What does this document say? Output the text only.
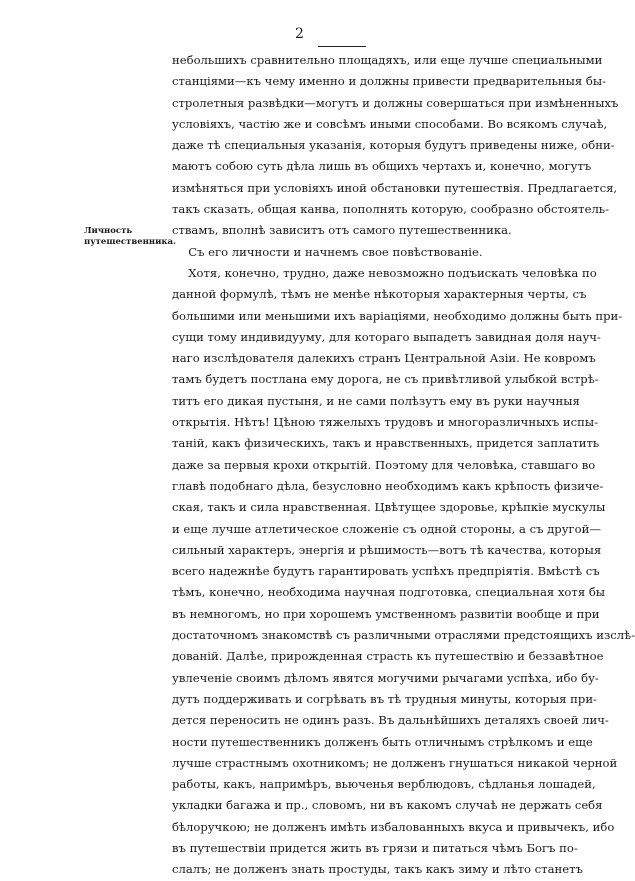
2
Личность путешественника.
небольшихъ сравнительно площадяхъ, или еще лучше специальными
станціями—къ чему именно и должны привести предварительныя бы-
стролетныя развѣдки—могутъ и должны совершаться при измѣненныхъ
условіяхъ, частію же и совсѣмъ иными способами. Во всякомъ случаѣ,
даже тѣ специальныя указанія, которыя будутъ приведены ниже, обни-
маютъ собою суть дѣла лишь въ общихъ чертахъ и, конечно, могутъ
измѣняться при условіяхъ иной обстановки путешествія. Предлагается,
такъ сказать, общая канва, пополнять которую, сообразно обстоятель-
ствамъ, вполнѣ зависитъ отъ самого путешественника.
Съ его личности и начнемъ свое повѣствованіе.
Хотя, конечно, трудно, даже невозможно подъискать человѣка по
данной формулѣ, тѣмъ не менѣе нѣкоторыя характерныя черты, съ
большими или меньшими ихъ варіаціями, необходимо должны быть при-
сущи тому индивидууму, для котораго выпадетъ завидная доля науч-
наго изслѣдователя далекихъ странъ Центральной Азіи. Не ковромъ
тамъ будетъ постлана ему дорога, не съ привѣтливой улыбкой встрѣ-
титъ его дикая пустыня, и не сами полѣзутъ ему въ руки научныя
открытія. Нѣтъ! Цѣною тяжелыхъ трудовъ и многоразличныхъ испы-
таній, какъ физическихъ, такъ и нравственныхъ, придется заплатить
даже за первыя крохи открытій. Поэтому для человѣка, ставшаго во
главѣ подобнаго дѣла, безусловно необходимъ какъ крѣпость физиче-
ская, такъ и сила нравственная. Цвѣтущее здоровье, крѣпкіе мускулы
и еще лучше атлетическое сложеніе съ одной стороны, а съ другой—
сильный характеръ, энергія и рѣшимость—вотъ тѣ качества, которыя
всего надежнѣе будутъ гарантировать успѣхъ предпріятія. Вмѣстѣ съ
тѣмъ, конечно, необходима научная подготовка, специальная хотя бы
въ немногомъ, но при хорошемъ умственномъ развитіи вообще и при
достаточномъ знакомствѣ съ различными отраслями предстоящихъ изслѣ-
дованій. Далѣе, прирожденная страсть къ путешествію и беззавѣтное
увлеченіе своимъ дѣломъ явятся могучими рычагами успѣха, ибо бу-
дутъ поддерживать и согрѣвать въ тѣ трудныя минуты, которыя при-
дется переносить не одинъ разъ. Въ дальнѣйшихъ деталяхъ своей лич-
ности путешественникъ долженъ быть отличнымъ стрѣлкомъ и еще
лучше страстнымъ охотникомъ; не долженъ гнушаться никакой черной
работы, какъ, напримѣръ, вьюченья верблюдовъ, сѣдланья лошадей,
укладки багажа и пр., словомъ, ни въ какомъ случаѣ не держать себя
бѣлоручкою; не долженъ имѣть избалованныхъ вкуса и привычекъ, ибо
въ путешествіи придется жить въ грязи и питаться чѣмъ Богъ по-
слалъ; не долженъ знать простуды, такъ какъ зиму и лѣто станетъ
